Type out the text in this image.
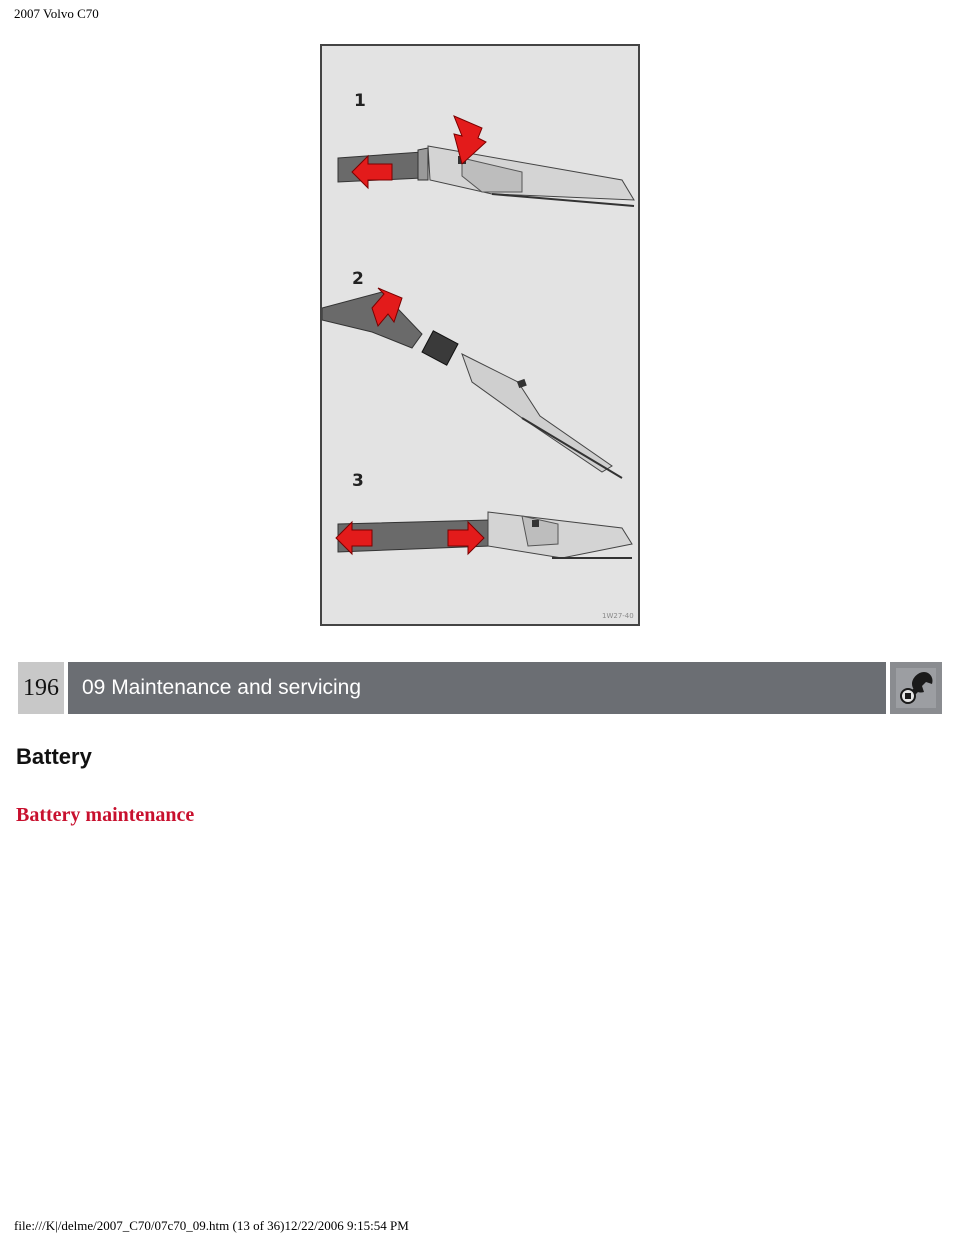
2007 Volvo C70
1
2
3
1W27-40
196	09 Maintenance and servicing
Battery
Battery maintenance
file:///K|/delme/2007_C70/07c70_09.htm (13 of 36)12/22/2006 9:15:54 PM
